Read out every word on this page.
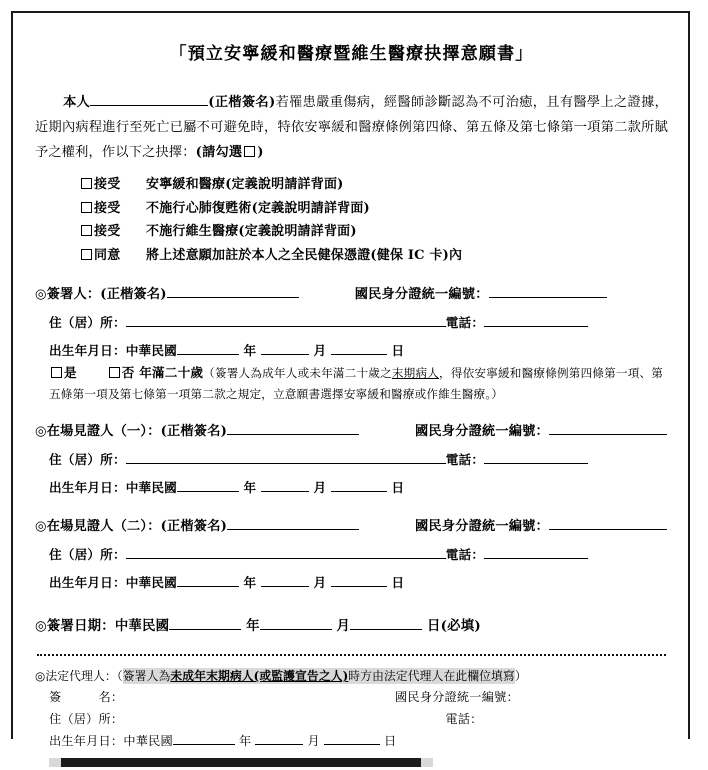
「預立安寧緩和醫療暨維生醫療抉擇意願書」
本人	(正楷簽名)若罹患嚴重傷病，經醫師診斷認為不可治癒，且有醫學上之證據，近期內病程進行至死亡已屬不可避免時，特依安寧緩和醫療條例第四條、第五條及第七條第一項第二款所賦予之權利，作以下之抉擇：(請勾選 )
接受 安寧緩和醫療(定義說明請詳背面)
接受 不施行心肺復甦術(定義說明請詳背面)
接受 不施行維生醫療(定義說明請詳背面)
同意 將上述意願加註於本人之全民健保憑證(健保 IC 卡)內
◎簽署人：(正楷簽名)	國民身分證統一編號：
住（居）所：	電話：
出生年月日：中華民國	年	月	日
是	否 年滿二十歲（簽署人為成年人或未年滿二十歲之末期病人，得依安寧緩和醫療條例第四條第一項、第五條第一項及第七條第一項第二款之規定，立意願書選擇安寧緩和醫療或作維生醫療。）
◎在場見證人（一）：(正楷簽名)	國民身分證統一編號：
住（居）所：	電話：
出生年月日：中華民國	年	月	日
◎在場見證人（二）：(正楷簽名)	國民身分證統一編號：
住（居）所：	電話：
出生年月日：中華民國	年	月	日
◎簽署日期：中華民國	年	月	日(必填)
◎法定代理人：（簽署人為未成年末期病人(或監護宣告之人)時方由法定代理人在此欄位填寫）
簽　　　名：	國民身分證統一編號：
住（居）所：	電話：
出生年月日：中華民國	年	月	日
